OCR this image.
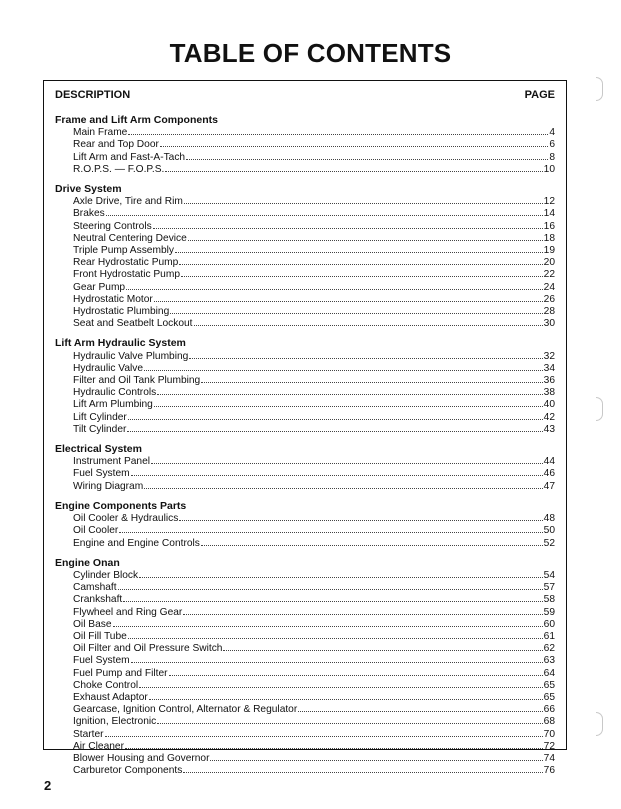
TABLE OF CONTENTS
DESCRIPTION	PAGE
Frame and Lift Arm Components
Main Frame	4
Rear and Top Door	6
Lift Arm and Fast-A-Tach	8
R.O.P.S. — F.O.P.S.	10
Drive System
Axle Drive, Tire and Rim	12
Brakes	14
Steering Controls	16
Neutral Centering Device	18
Triple Pump Assembly	19
Rear Hydrostatic Pump	20
Front Hydrostatic Pump	22
Gear Pump	24
Hydrostatic Motor	26
Hydrostatic Plumbing	28
Seat and Seatbelt Lockout	30
Lift Arm Hydraulic System
Hydraulic Valve Plumbing	32
Hydraulic Valve	34
Filter and Oil Tank Plumbing	36
Hydraulic Controls	38
Lift Arm Plumbing	40
Lift Cylinder	42
Tilt Cylinder	43
Electrical System
Instrument Panel	44
Fuel System	46
Wiring Diagram	47
Engine Components Parts
Oil Cooler & Hydraulics	48
Oil Cooler	50
Engine and Engine Controls	52
Engine Onan
Cylinder Block	54
Camshaft	57
Crankshaft	58
Flywheel and Ring Gear	59
Oil Base	60
Oil Fill Tube	61
Oil Filter and Oil Pressure Switch	62
Fuel System	63
Fuel Pump and Filter	64
Choke Control	65
Exhaust Adaptor	65
Gearcase, Ignition Control, Alternator & Regulator	66
Ignition, Electronic	68
Starter	70
Air Cleaner	72
Blower Housing and Governor	74
Carburetor Components	76
2
